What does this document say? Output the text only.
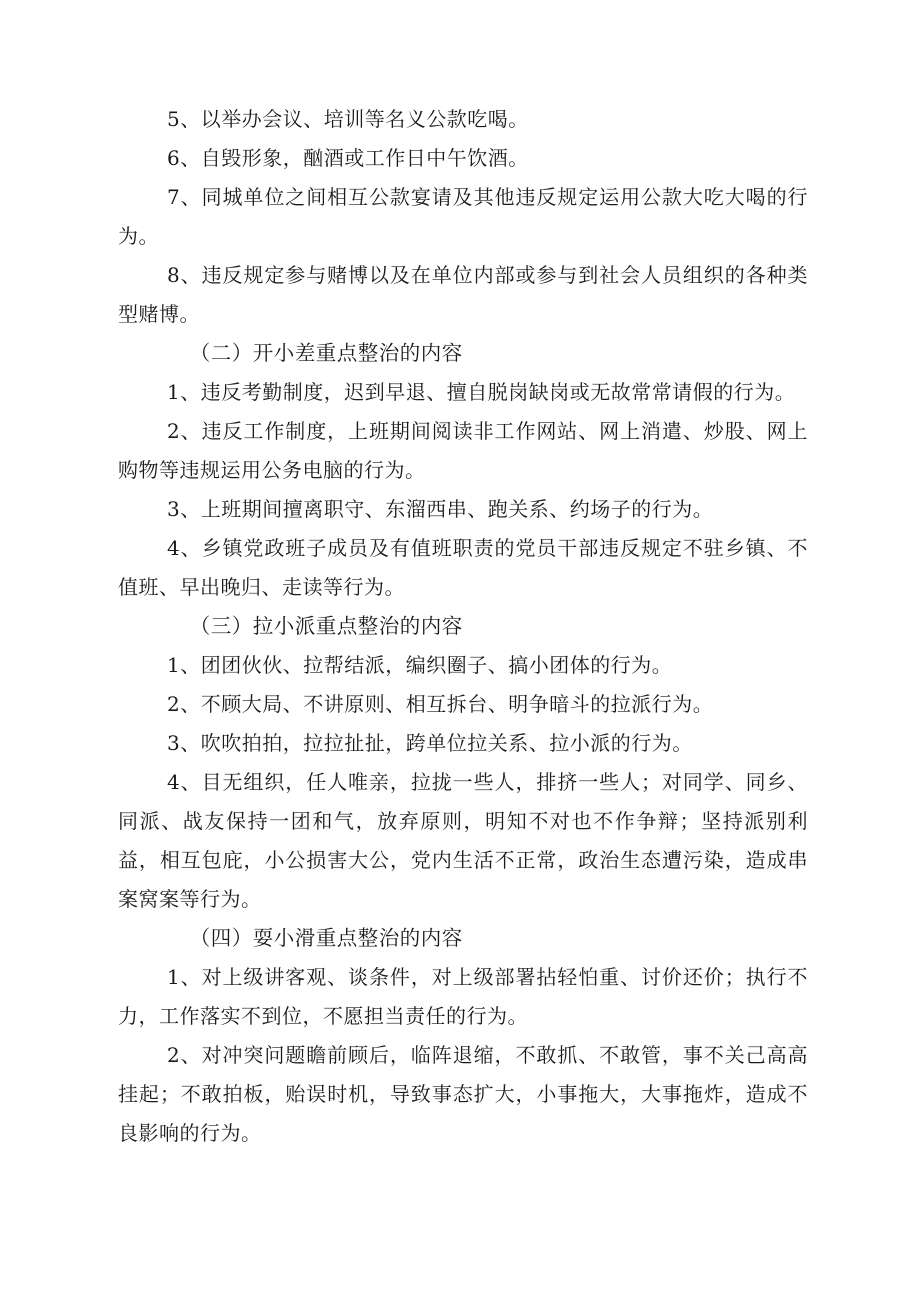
5、以举办会议、培训等名义公款吃喝。

6、自毁形象，酗酒或工作日中午饮酒。

7、同城单位之间相互公款宴请及其他违反规定运用公款大吃大喝的行为。

8、违反规定参与赌博以及在单位内部或参与到社会人员组织的各种类型赌博。

（二）开小差重点整治的内容

1、违反考勤制度，迟到早退、擅自脱岗缺岗或无故常常请假的行为。

2、违反工作制度，上班期间阅读非工作网站、网上消遣、炒股、网上购物等违规运用公务电脑的行为。

3、上班期间擅离职守、东溜西串、跑关系、约场子的行为。

4、乡镇党政班子成员及有值班职责的党员干部违反规定不驻乡镇、不值班、早出晚归、走读等行为。

（三）拉小派重点整治的内容

1、团团伙伙、拉帮结派，编织圈子、搞小团体的行为。

2、不顾大局、不讲原则、相互拆台、明争暗斗的拉派行为。

3、吹吹拍拍，拉拉扯扯，跨单位拉关系、拉小派的行为。

4、目无组织，任人唯亲，拉拢一些人，排挤一些人；对同学、同乡、同派、战友保持一团和气，放弃原则，明知不对也不作争辩；坚持派别利益，相互包庇，小公损害大公，党内生活不正常，政治生态遭污染，造成串案窝案等行为。

（四）耍小滑重点整治的内容

1、对上级讲客观、谈条件，对上级部署拈轻怕重、讨价还价；执行不力，工作落实不到位，不愿担当责任的行为。

2、对冲突问题瞻前顾后，临阵退缩，不敢抓、不敢管，事不关己高高挂起；不敢拍板，贻误时机，导致事态扩大，小事拖大，大事拖炸，造成不良影响的行为。
